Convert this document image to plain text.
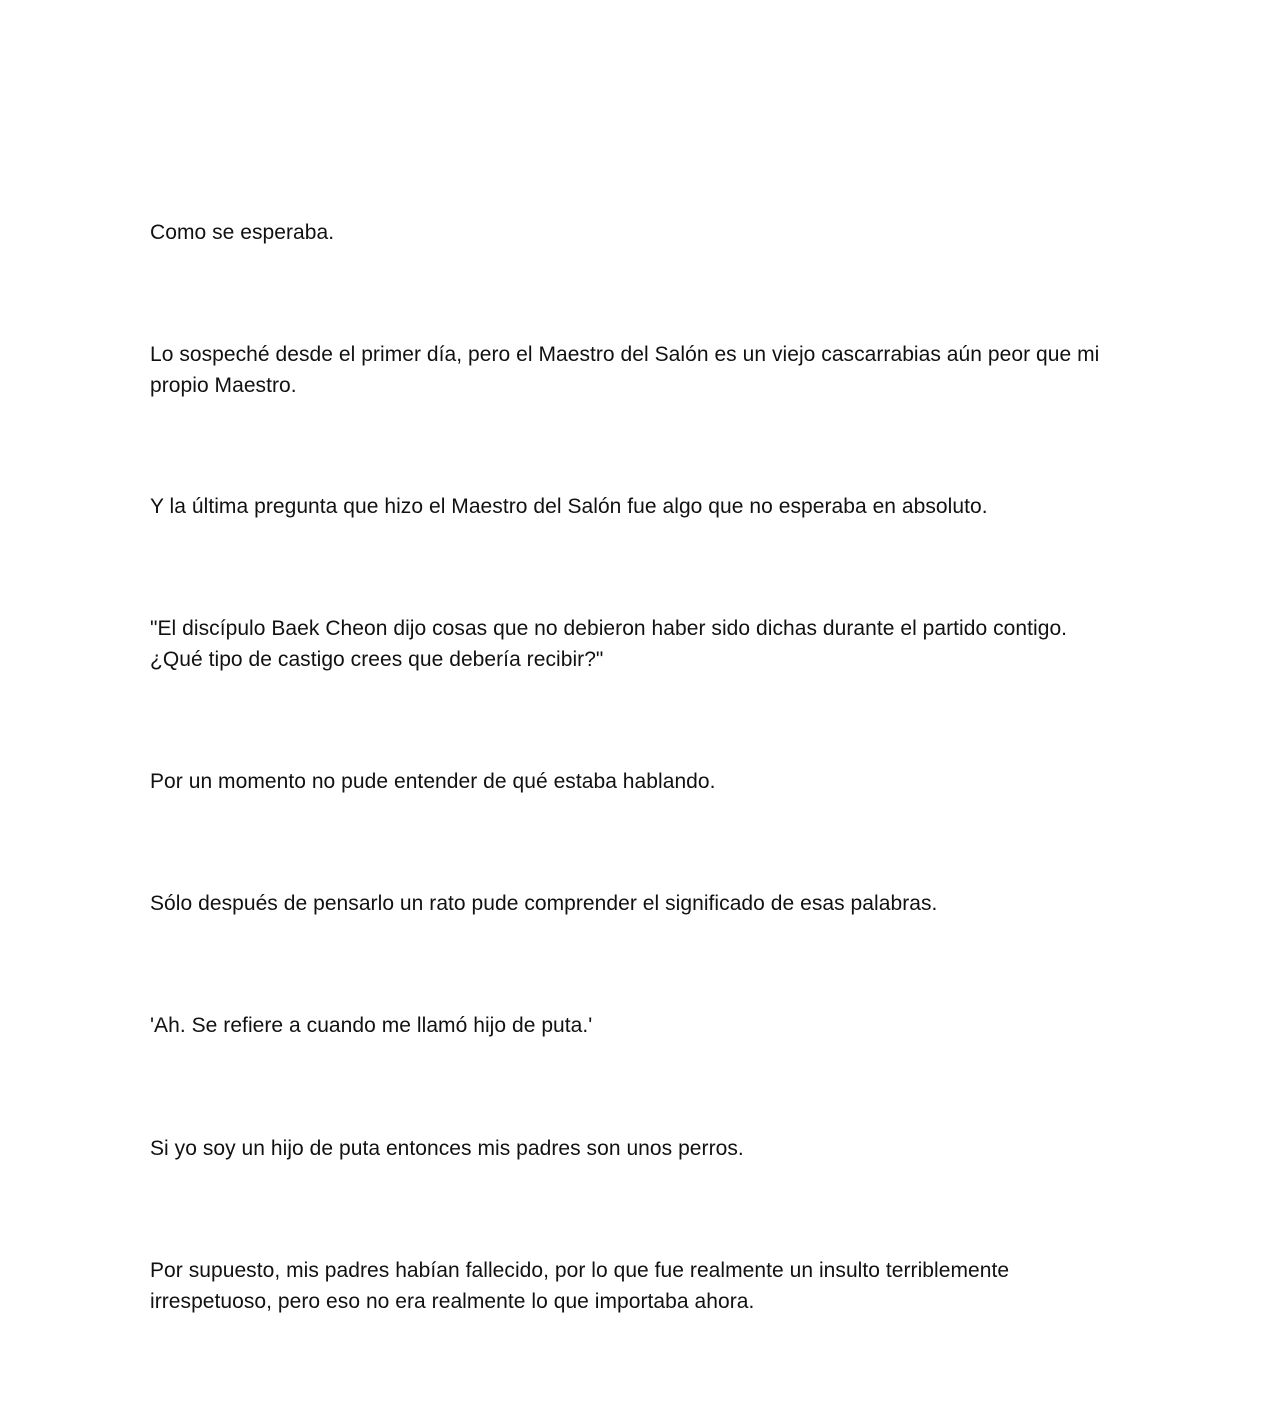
Como se esperaba.

Lo sospeché desde el primer día, pero el Maestro del Salón es un viejo cascarrabias aún peor que mi propio Maestro.

Y la última pregunta que hizo el Maestro del Salón fue algo que no esperaba en absoluto.

"El discípulo Baek Cheon dijo cosas que no debieron haber sido dichas durante el partido contigo. ¿Qué tipo de castigo crees que debería recibir?"

Por un momento no pude entender de qué estaba hablando.

Sólo después de pensarlo un rato pude comprender el significado de esas palabras.

'Ah. Se refiere a cuando me llamó hijo de puta.'

Si yo soy un hijo de puta entonces mis padres son unos perros.

Por supuesto, mis padres habían fallecido, por lo que fue realmente un insulto terriblemente irrespetuoso, pero eso no era realmente lo que importaba ahora.
